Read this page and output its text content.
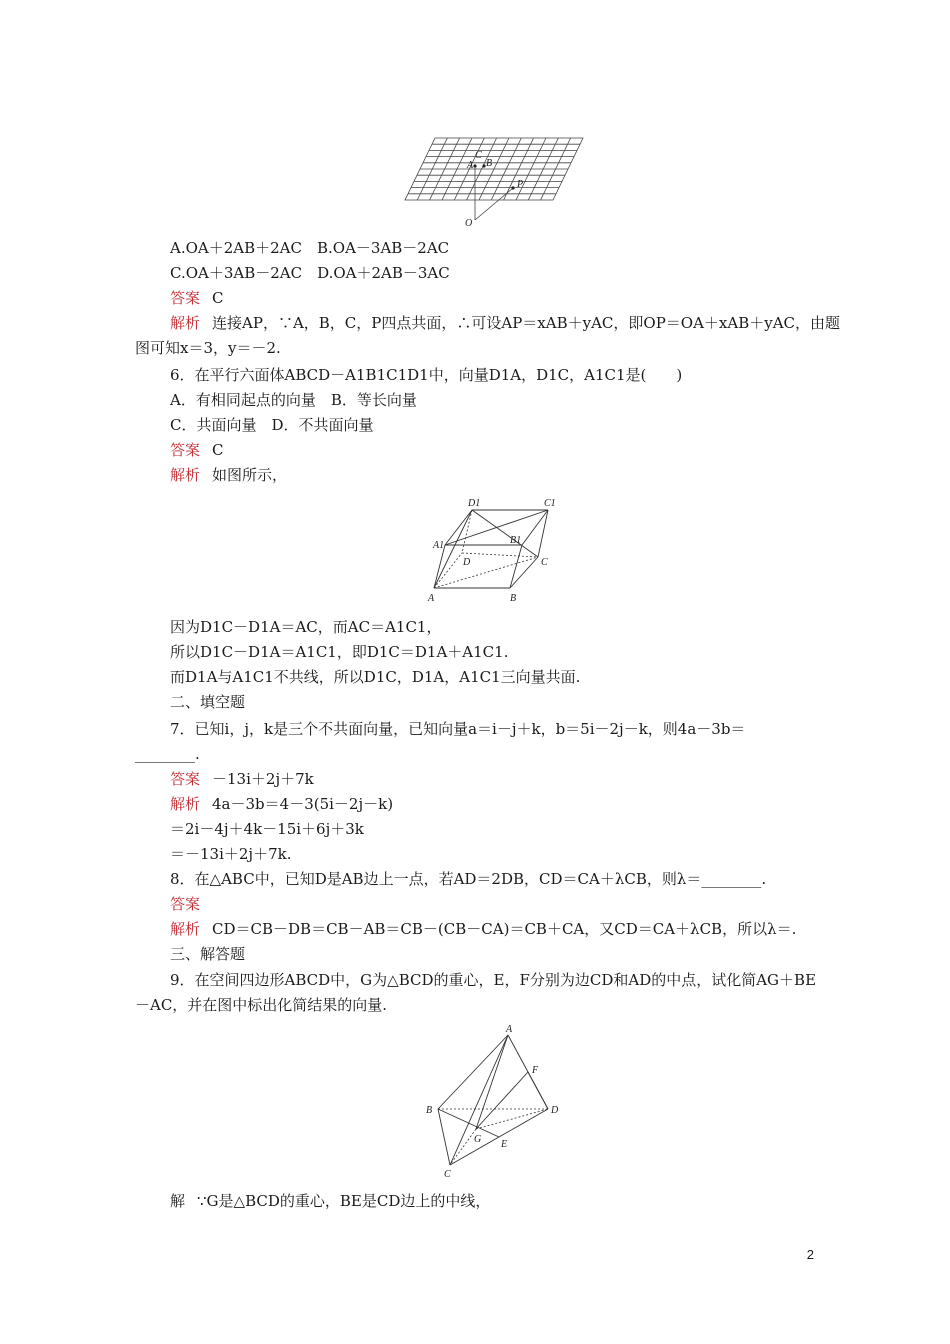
C
A B
P
O
A.OA＋2AB＋2AC　B.OA－3AB－2AC
C.OA＋3AB－2AC　D.OA＋2AB－3AC
答案 C
解析 连接AP，∵A，B，C，P四点共面，∴可设AP＝xAB＋yAC，即OP＝OA＋xAB＋yAC，由题
图可知x＝3，y＝－2.
6．在平行六面体ABCD－A1B1C1D1中，向量D1A，D1C，A1C1是(　　)
A．有相同起点的向量　B．等长向量
C．共面向量　D．不共面向量
答案 C
解析 如图所示，
D1	C1
A1	B1
D	C
A	B
因为D1C－D1A＝AC，而AC＝A1C1，
所以D1C－D1A＝A1C1，即D1C＝D1A＋A1C1.
而D1A与A1C1不共线，所以D1C，D1A，A1C1三向量共面.
二、填空题
7．已知i，j，k是三个不共面向量，已知向量a＝i－j＋k，b＝5i－2j－k，则4a－3b＝
________.
答案 －13i＋2j＋7k
解析 4a－3b＝4－3(5i－2j－k)
＝2i－4j＋4k－15i＋6j＋3k
＝－13i＋2j＋7k.
8．在△ABC中，已知D是AB边上一点，若AD＝2DB，CD＝CA＋λCB，则λ＝________.
答案
解析 CD＝CB－DB＝CB－AB＝CB－(CB－CA)＝CB＋CA，又CD＝CA＋λCB，所以λ＝.
三、解答题
9．在空间四边形ABCD中，G为△BCD的重心，E，F分别为边CD和AD的中点，试化简AG＋BE
－AC，并在图中标出化简结果的向量.
A
F
B	D
G E
C
解 ∵G是△BCD的重心，BE是CD边上的中线，
2
